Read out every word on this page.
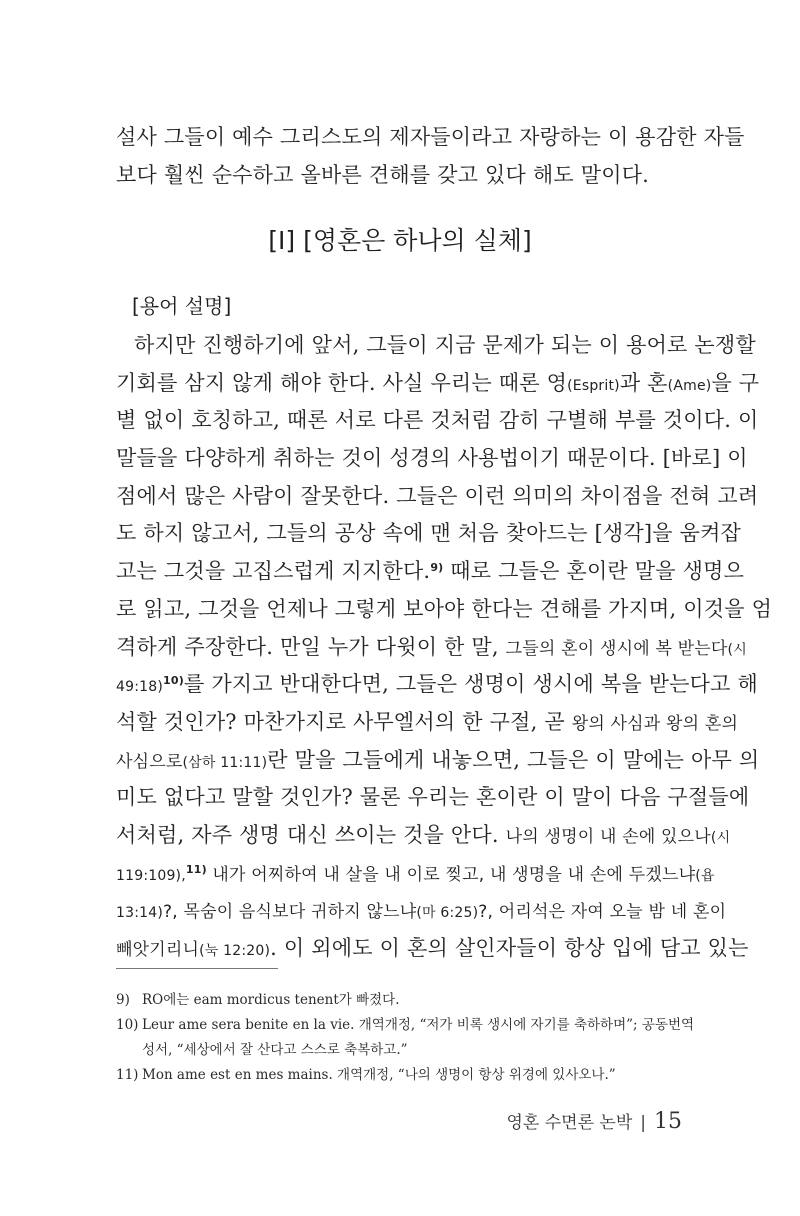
설사 그들이 예수 그리스도의 제자들이라고 자랑하는 이 용감한 자들
보다 훨씬 순수하고 올바른 견해를 갖고 있다 해도 말이다.
[I] [영혼은 하나의 실체]
[용어 설명]
하지만 진행하기에 앞서, 그들이 지금 문제가 되는 이 용어로 논쟁할
기회를 삼지 않게 해야 한다. 사실 우리는 때론 영(Esprit)과 혼(Ame)을 구
별 없이 호칭하고, 때론 서로 다른 것처럼 감히 구별해 부를 것이다. 이
말들을 다양하게 취하는 것이 성경의 사용법이기 때문이다. [바로] 이
점에서 많은 사람이 잘못한다. 그들은 이런 의미의 차이점을 전혀 고려
도 하지 않고서, 그들의 공상 속에 맨 처음 찾아드는 [생각]을 움켜잡
고는 그것을 고집스럽게 지지한다.$^{9)}$ 때로 그들은 혼이란 말을 생명으
로 읽고, 그것을 언제나 그렇게 보아야 한다는 견해를 가지며, 이것을 엄
격하게 주장한다. 만일 누가 다윗이 한 말, 그들의 혼이 생시에 복 받는다(시
49:18)$^{10)}$를 가지고 반대한다면, 그들은 생명이 생시에 복을 받는다고 해
석할 것인가? 마찬가지로 사무엘서의 한 구절, 곧 왕의 사심과 왕의 혼의
사심으로(삼하 11:11)란 말을 그들에게 내놓으면, 그들은 이 말에는 아무 의
미도 없다고 말할 것인가? 물론 우리는 혼이란 이 말이 다음 구절들에
서처럼, 자주 생명 대신 쓰이는 것을 안다. 나의 생명이 내 손에 있으나(시
119:109),$^{11)}$ 내가 어찌하여 내 살을 내 이로 찢고, 내 생명을 내 손에 두겠느냐(욥
13:14)?, 목숨이 음식보다 귀하지 않느냐(마 6:25)?, 어리석은 자여 오늘 밤 네 혼이
빼앗기리니(눅 12:20). 이 외에도 이 혼의 살인자들이 항상 입에 담고 있는
9) RO에는 eam mordicus tenent가 빠졌다.
10) Leur ame sera benite en la vie. 개역개정, “저가 비록 생시에 자기를 축하하며”; 공동번역
성서, “세상에서 잘 산다고 스스로 축복하고.”
11) Mon ame est en mes mains. 개역개정, “나의 생명이 항상 위경에 있사오나.”
영혼 수면론 논박 | 15
